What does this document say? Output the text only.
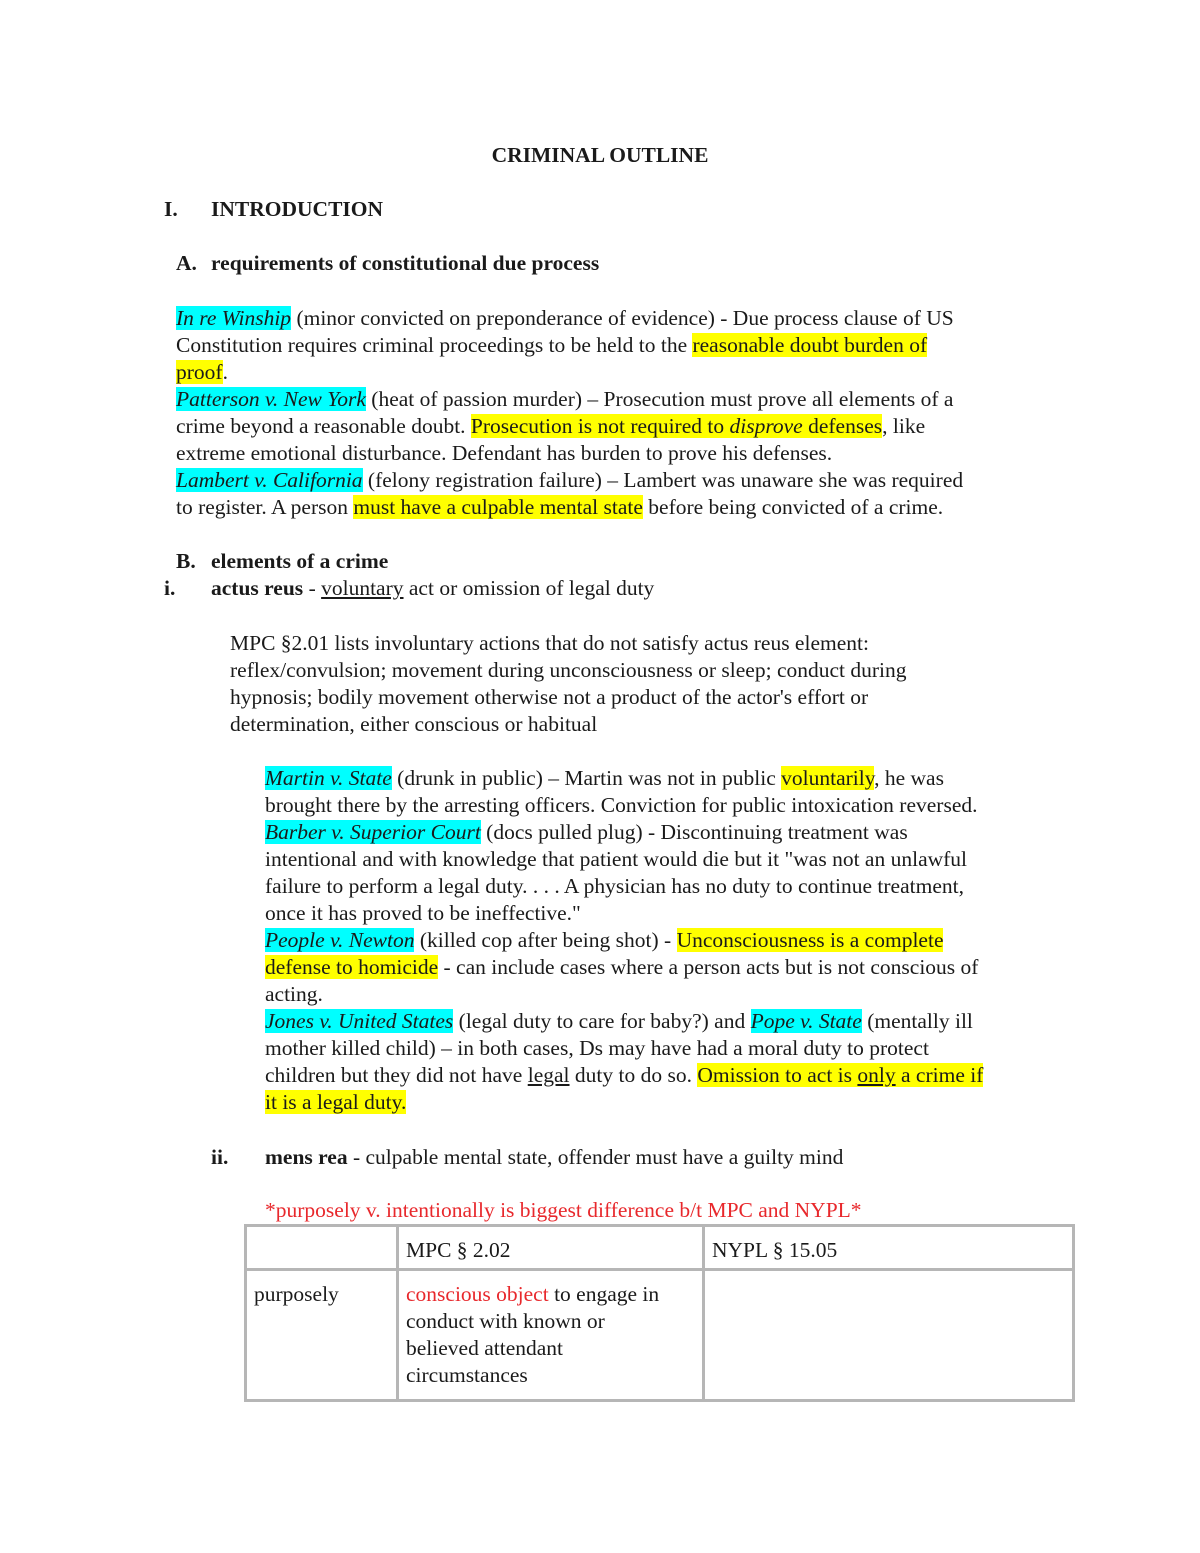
CRIMINAL OUTLINE
I. INTRODUCTION
A. requirements of constitutional due process
In re Winship (minor convicted on preponderance of evidence) - Due process clause of US
Constitution requires criminal proceedings to be held to the reasonable doubt burden of
proof.
Patterson v. New York (heat of passion murder) – Prosecution must prove all elements of a
crime beyond a reasonable doubt. Prosecution is not required to disprove defenses, like
extreme emotional disturbance. Defendant has burden to prove his defenses.
Lambert v. California (felony registration failure) – Lambert was unaware she was required
to register. A person must have a culpable mental state before being convicted of a crime.
B. elements of a crime
i. actus reus - voluntary act or omission of legal duty
MPC §2.01 lists involuntary actions that do not satisfy actus reus element:
reflex/convulsion; movement during unconsciousness or sleep; conduct during
hypnosis; bodily movement otherwise not a product of the actor's effort or
determination, either conscious or habitual
Martin v. State (drunk in public) – Martin was not in public voluntarily, he was
brought there by the arresting officers. Conviction for public intoxication reversed.
Barber v. Superior Court (docs pulled plug) - Discontinuing treatment was
intentional and with knowledge that patient would die but it "was not an unlawful
failure to perform a legal duty. . . . A physician has no duty to continue treatment,
once it has proved to be ineffective."
People v. Newton (killed cop after being shot) - Unconsciousness is a complete
defense to homicide - can include cases where a person acts but is not conscious of
acting.
Jones v. United States (legal duty to care for baby?) and Pope v. State (mentally ill
mother killed child) – in both cases, Ds may have had a moral duty to protect
children but they did not have legal duty to do so. Omission to act is only a crime if
it is a legal duty.
ii. mens rea - culpable mental state, offender must have a guilty mind
*purposely v. intentionally is biggest difference b/t MPC and NYPL*
	MPC § 2.02	NYPL § 15.05
purposely	conscious object to engage in
conduct with known or
believed attendant
circumstances	
